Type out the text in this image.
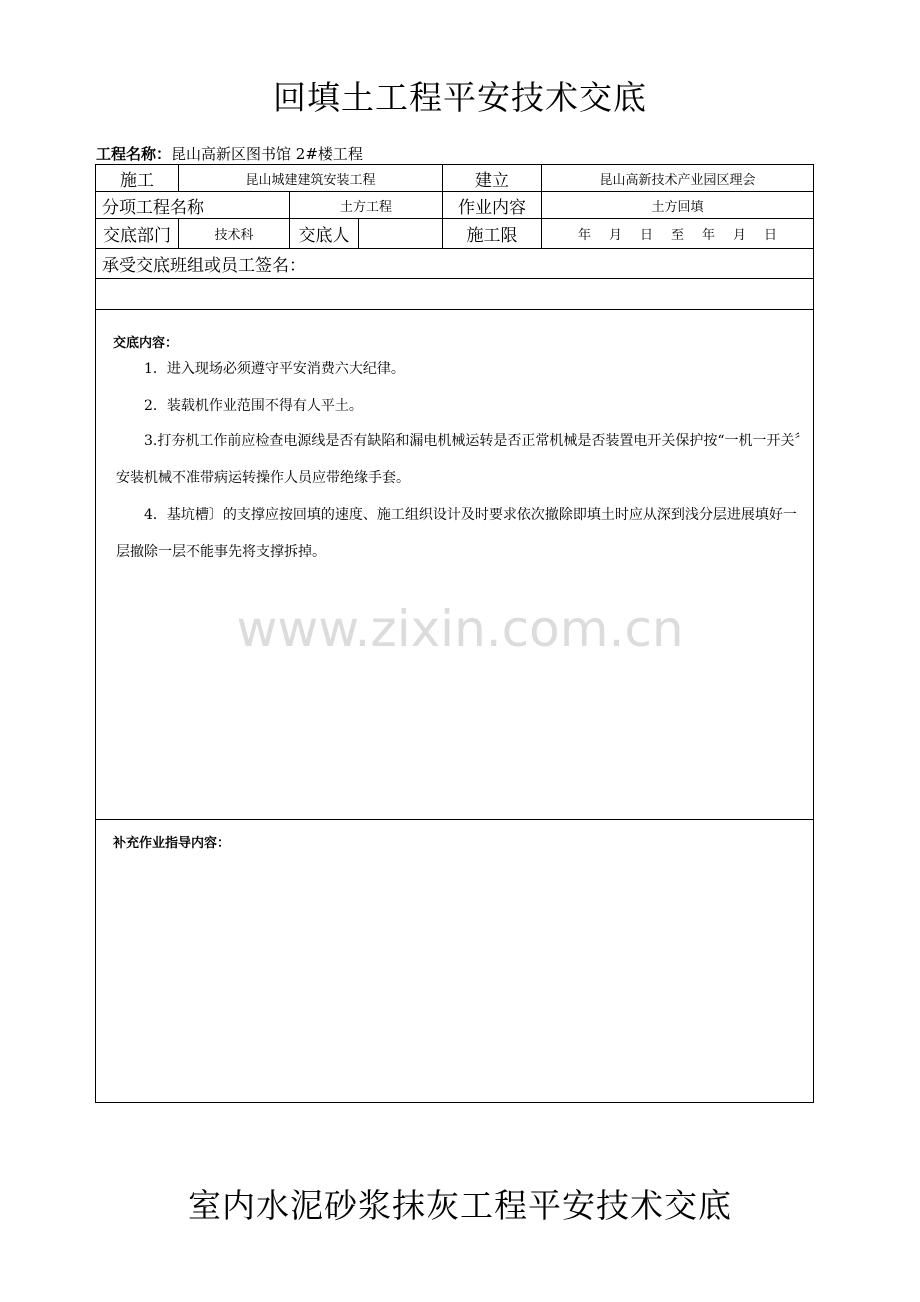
回填土工程平安技术交底
工程名称：昆山高新区图书馆 2#楼工程
施工	昆山城建建筑安装工程			建立	昆山高新技术产业园区理会
分项工程名称		土方工程		作业内容	土方回填
交底部门	技术科	交底人		施工限	年 月 日 至 年 月 日
承受交底班组或员工签名：					

交底内容：
1．进入现场必须遵守平安消费六大纪律。
2．装载机作业范围不得有人平土。
3.打夯机工作前应检查电源线是否有缺陷和漏电机械运转是否正常机械是否装置电开关保护按“一机一开关〞安装机械不准带病运转操作人员应带绝缘手套。
4．基坑槽〕的支撑应按回填的速度、施工组织设计及时要求依次撤除即填土时应从深到浅分层进展填好一层撤除一层不能事先将支撑拆掉。
补充作业指导内容：
www.zixin.com.cn
室内水泥砂浆抹灰工程平安技术交底
